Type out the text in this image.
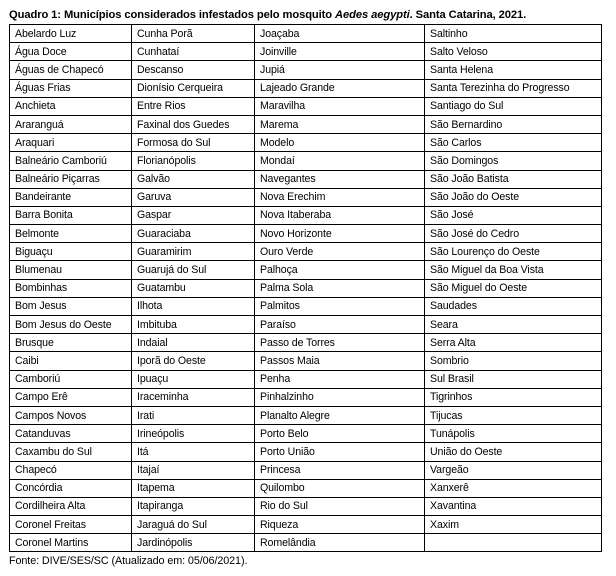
Quadro 1: Municípios considerados infestados pelo mosquito Aedes aegypti. Santa Catarina, 2021.
Abelardo Luz	Cunha Porã	Joaçaba	Saltinho
Água Doce	Cunhataí	Joinville	Salto Veloso
Águas de Chapecó	Descanso	Jupiá	Santa Helena
Águas Frias	Dionísio Cerqueira	Lajeado Grande	Santa Terezinha do Progresso
Anchieta	Entre Rios	Maravilha	Santiago do Sul
Araranguá	Faxinal dos Guedes	Marema	São Bernardino
Araquari	Formosa do Sul	Modelo	São Carlos
Balneário Camboriú	Florianópolis	Mondaí	São Domingos
Balneário Piçarras	Galvão	Navegantes	São João Batista
Bandeirante	Garuva	Nova Erechim	São João do Oeste
Barra Bonita	Gaspar	Nova Itaberaba	São José
Belmonte	Guaraciaba	Novo Horizonte	São José do Cedro
Biguaçu	Guaramirim	Ouro Verde	São Lourenço do Oeste
Blumenau	Guarujá do Sul	Palhoça	São Miguel da Boa Vista
Bombinhas	Guatambu	Palma Sola	São Miguel do Oeste
Bom Jesus	Ilhota	Palmitos	Saudades
Bom Jesus do Oeste	Imbituba	Paraíso	Seara
Brusque	Indaial	Passo de Torres	Serra Alta
Caibi	Iporã do Oeste	Passos Maia	Sombrio
Camboriú	Ipuaçu	Penha	Sul Brasil
Campo Erê	Iraceminha	Pinhalzinho	Tigrinhos
Campos Novos	Irati	Planalto Alegre	Tijucas
Catanduvas	Irineópolis	Porto Belo	Tunápolis
Caxambu do Sul	Itá	Porto União	União do Oeste
Chapecó	Itajaí	Princesa	Vargeão
Concórdia	Itapema	Quilombo	Xanxerê
Cordilheira Alta	Itapiranga	Rio do Sul	Xavantina
Coronel Freitas	Jaraguá do Sul	Riqueza	Xaxim
Coronel Martins	Jardinópolis	Romelândia	
Fonte: DIVE/SES/SC (Atualizado em: 05/06/2021).
